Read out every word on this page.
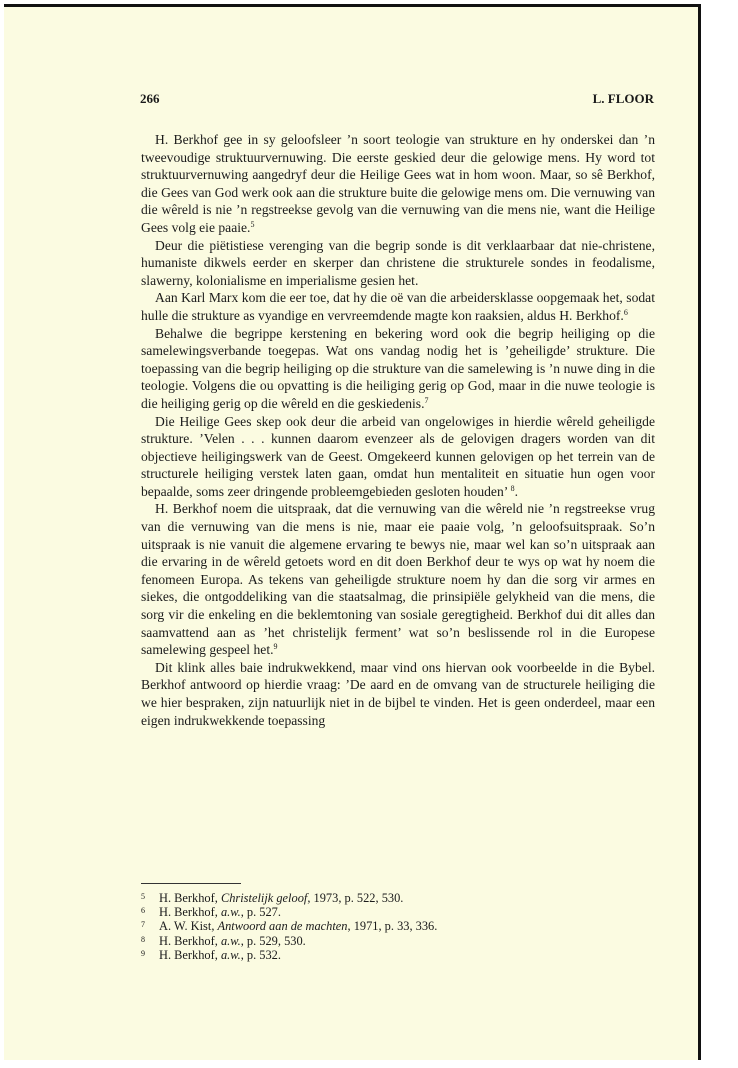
266	L. FLOOR

H. Berkhof gee in sy geloofsleer ’n soort teologie van strukture en hy onderskei dan ’n tweevoudige struktuurvernuwing. Die eerste geskied deur die gelowige mens. Hy word tot struktuurvernuwing aangedryf deur die Heilige Gees wat in hom woon. Maar, so sê Berkhof, die Gees van God werk ook aan die strukture buite die gelowige mens om. Die vernuwing van die wêreld is nie ’n regstreekse gevolg van die vernuwing van die mens nie, want die Heilige Gees volg eie paaie.$^5$

Deur die piëtistiese verenging van die begrip sonde is dit verklaarbaar dat nie-christene, humaniste dikwels eerder en skerper dan christene die strukturele sondes in feodalisme, slawerny, kolonialisme en imperialisme gesien het.

Aan Karl Marx kom die eer toe, dat hy die oë van die arbeidersklasse oopgemaak het, sodat hulle die strukture as vyandige en vervreemdende magte kon raaksien, aldus H. Berkhof.$^6$

Behalwe die begrippe kerstening en bekering word ook die begrip heiliging op die samelewingsverbande toegepas. Wat ons vandag nodig het is ’geheiligde’ strukture. Die toepassing van die begrip heiliging op die strukture van die samelewing is ’n nuwe ding in die teologie. Volgens die ou opvatting is die heiliging gerig op God, maar in die nuwe teologie is die heiliging gerig op die wêreld en die geskiedenis.$^7$

Die Heilige Gees skep ook deur die arbeid van ongelowiges in hierdie wêreld geheiligde strukture. ’Velen . . . kunnen daarom evenzeer als de gelovigen dragers worden van dit objectieve heiligingswerk van de Geest. Omgekeerd kunnen gelovigen op het terrein van de structurele heiliging verstek laten gaan, omdat hun mentaliteit en situatie hun ogen voor bepaalde, soms zeer dringende probleemgebieden gesloten houden’ $^8$.

H. Berkhof noem die uitspraak, dat die vernuwing van die wêreld nie ’n regstreekse vrug van die vernuwing van die mens is nie, maar eie paaie volg, ’n geloofsuitspraak. So’n uitspraak is nie vanuit die algemene ervaring te bewys nie, maar wel kan so’n uitspraak aan die ervaring in de wêreld getoets word en dit doen Berkhof deur te wys op wat hy noem die fenomeen Europa. As tekens van geheiligde strukture noem hy dan die sorg vir armes en siekes, die ontgoddeliking van die staatsalmag, die prinsipiële gelykheid van die mens, die sorg vir die enkeling en die beklemtoning van sosiale geregtigheid. Berkhof dui dit alles dan saamvattend aan as ’het christelijk ferment’ wat so’n beslissende rol in die Europese samelewing gespeel het.$^9$

Dit klink alles baie indrukwekkend, maar vind ons hiervan ook voorbeelde in die Bybel. Berkhof antwoord op hierdie vraag: ’De aard en de omvang van de structurele heiliging die we hier bespraken, zijn natuurlijk niet in de bijbel te vinden. Het is geen onderdeel, maar een eigen indrukwekkende toepassing

5 H. Berkhof, Christelijk geloof, 1973, p. 522, 530.
6 H. Berkhof, a.w., p. 527.
7 A. W. Kist, Antwoord aan de machten, 1971, p. 33, 336.
8 H. Berkhof, a.w., p. 529, 530.
9 H. Berkhof, a.w., p. 532.
